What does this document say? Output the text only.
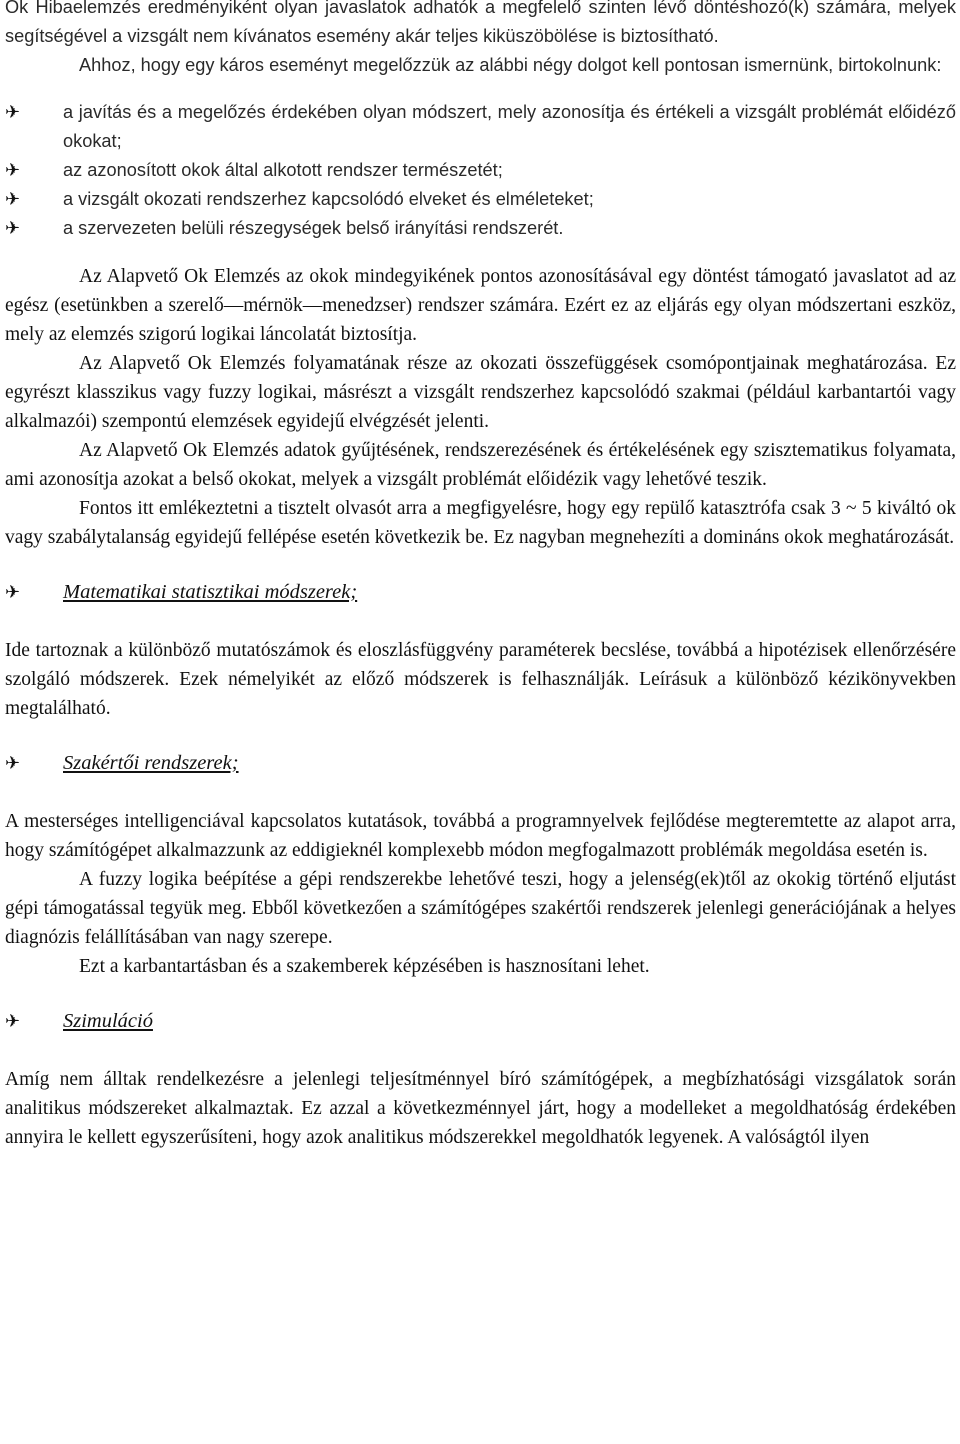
Ok Hibaelemzés eredményiként olyan javaslatok adhatók a megfelelő szinten lévő döntéshozó(k) számára, melyek segítségével a vizsgált nem kívánatos esemény akár teljes kiküszöbölése is biztosítható.

Ahhoz, hogy egy káros eseményt megelőzzük az alábbi négy dolgot kell pontosan ismernünk, birtokolnunk:

✈	a javítás és a megelőzés érdekében olyan módszert, mely azonosítja és értékeli a vizsgált problémát előidéző okokat;
✈	az azonosított okok által alkotott rendszer természetét;
✈	a vizsgált okozati rendszerhez kapcsolódó elveket és elméleteket;
✈	a szervezeten belüli részegységek belső irányítási rendszerét.

Az Alapvető Ok Elemzés az okok mindegyikének pontos azonosításával egy döntést támogató javaslatot ad az egész (esetünkben a szerelő—mérnök—menedzser) rendszer számára. Ezért ez az eljárás egy olyan módszertani eszköz, mely az elemzés szigorú logikai láncolatát biztosítja.

Az Alapvető Ok Elemzés folyamatának része az okozati összefüggések csomópontjainak meghatározása. Ez egyrészt klasszikus vagy fuzzy logikai, másrészt a vizsgált rendszerhez kapcsolódó szakmai (például karbantartói vagy alkalmazói) szempontú elemzések egyidejű elvégzését jelenti.

Az Alapvető Ok Elemzés adatok gyűjtésének, rendszerezésének és értékelésének egy szisztematikus folyamata, ami azonosítja azokat a belső okokat, melyek a vizsgált problémát előidézik vagy lehetővé teszik.

Fontos itt emlékeztetni a tisztelt olvasót arra a megfigyelésre, hogy egy repülő katasztrófa csak 3 ~ 5 kiváltó ok vagy szabálytalanság egyidejű fellépése esetén következik be. Ez nagyban megnehezíti a domináns okok meghatározását.

✈	Matematikai statisztikai módszerek;

Ide tartoznak a különböző mutatószámok és eloszlásfüggvény paraméterek becslése, továbbá a hipotézisek ellenőrzésére szolgáló módszerek. Ezek némelyikét az előző módszerek is felhasználják. Leírásuk a különböző kézikönyvekben megtalálható.

✈	Szakértői rendszerek;

A mesterséges intelligenciával kapcsolatos kutatások, továbbá a programnyelvek fejlődése megteremtette az alapot arra, hogy számítógépet alkalmazzunk az eddigieknél komplexebb módon megfogalmazott problémák megoldása esetén is.

A fuzzy logika beépítése a gépi rendszerekbe lehetővé teszi, hogy a jelenség(ek)től az okokig történő eljutást gépi támogatással tegyük meg. Ebből következően a számítógépes szakértői rendszerek jelenlegi generációjának a helyes diagnózis felállításában van nagy szerepe.

Ezt a karbantartásban és a szakemberek képzésében is hasznosítani lehet.

✈	Szimuláció

Amíg nem álltak rendelkezésre a jelenlegi teljesítménnyel bíró számítógépek, a megbízhatósági vizsgálatok során analitikus módszereket alkalmaztak. Ez azzal a következménnyel járt, hogy a modelleket a megoldhatóság érdekében annyira le kellett egyszerűsíteni, hogy azok analitikus módszerekkel megoldhatók legyenek. A valóságtól ilyen
